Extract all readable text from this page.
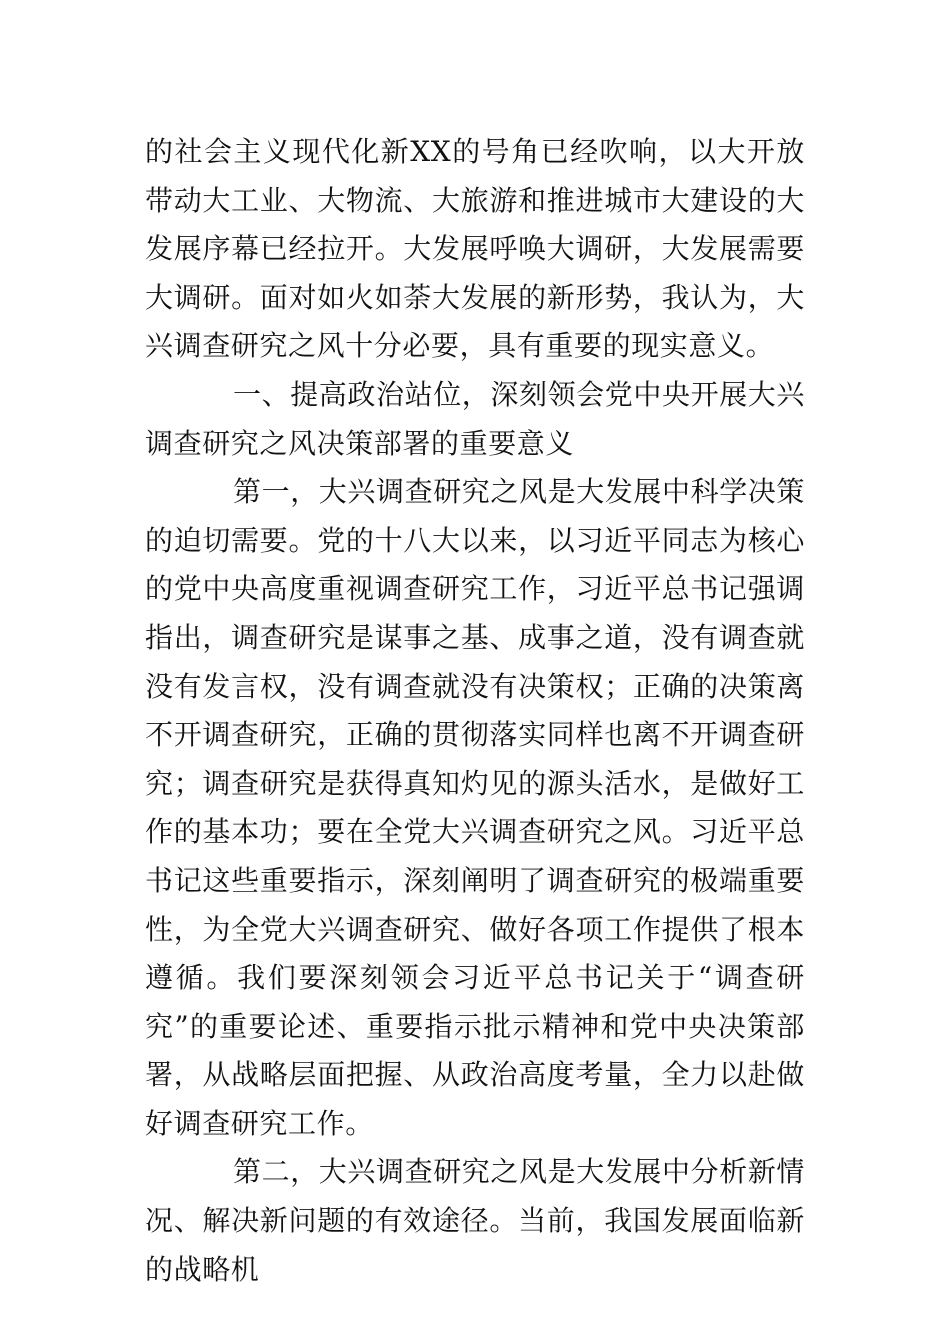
的社会主义现代化新XX的号角已经吹响，以大开放带动大工业、大物流、大旅游和推进城市大建设的大发展序幕已经拉开。大发展呼唤大调研，大发展需要大调研。面对如火如荼大发展的新形势，我认为，大兴调查研究之风十分必要，具有重要的现实意义。

一、提高政治站位，深刻领会党中央开展大兴调查研究之风决策部署的重要意义

第一，大兴调查研究之风是大发展中科学决策的迫切需要。党的十八大以来，以习近平同志为核心的党中央高度重视调查研究工作，习近平总书记强调指出，调查研究是谋事之基、成事之道，没有调查就没有发言权，没有调查就没有决策权；正确的决策离不开调查研究，正确的贯彻落实同样也离不开调查研究；调查研究是获得真知灼见的源头活水，是做好工作的基本功；要在全党大兴调查研究之风。习近平总书记这些重要指示，深刻阐明了调查研究的极端重要性，为全党大兴调查研究、做好各项工作提供了根本遵循。我们要深刻领会习近平总书记关于“调查研究”的重要论述、重要指示批示精神和党中央决策部署，从战略层面把握、从政治高度考量，全力以赴做好调查研究工作。

第二，大兴调查研究之风是大发展中分析新情况、解决新问题的有效途径。当前，我国发展面临新的战略机
